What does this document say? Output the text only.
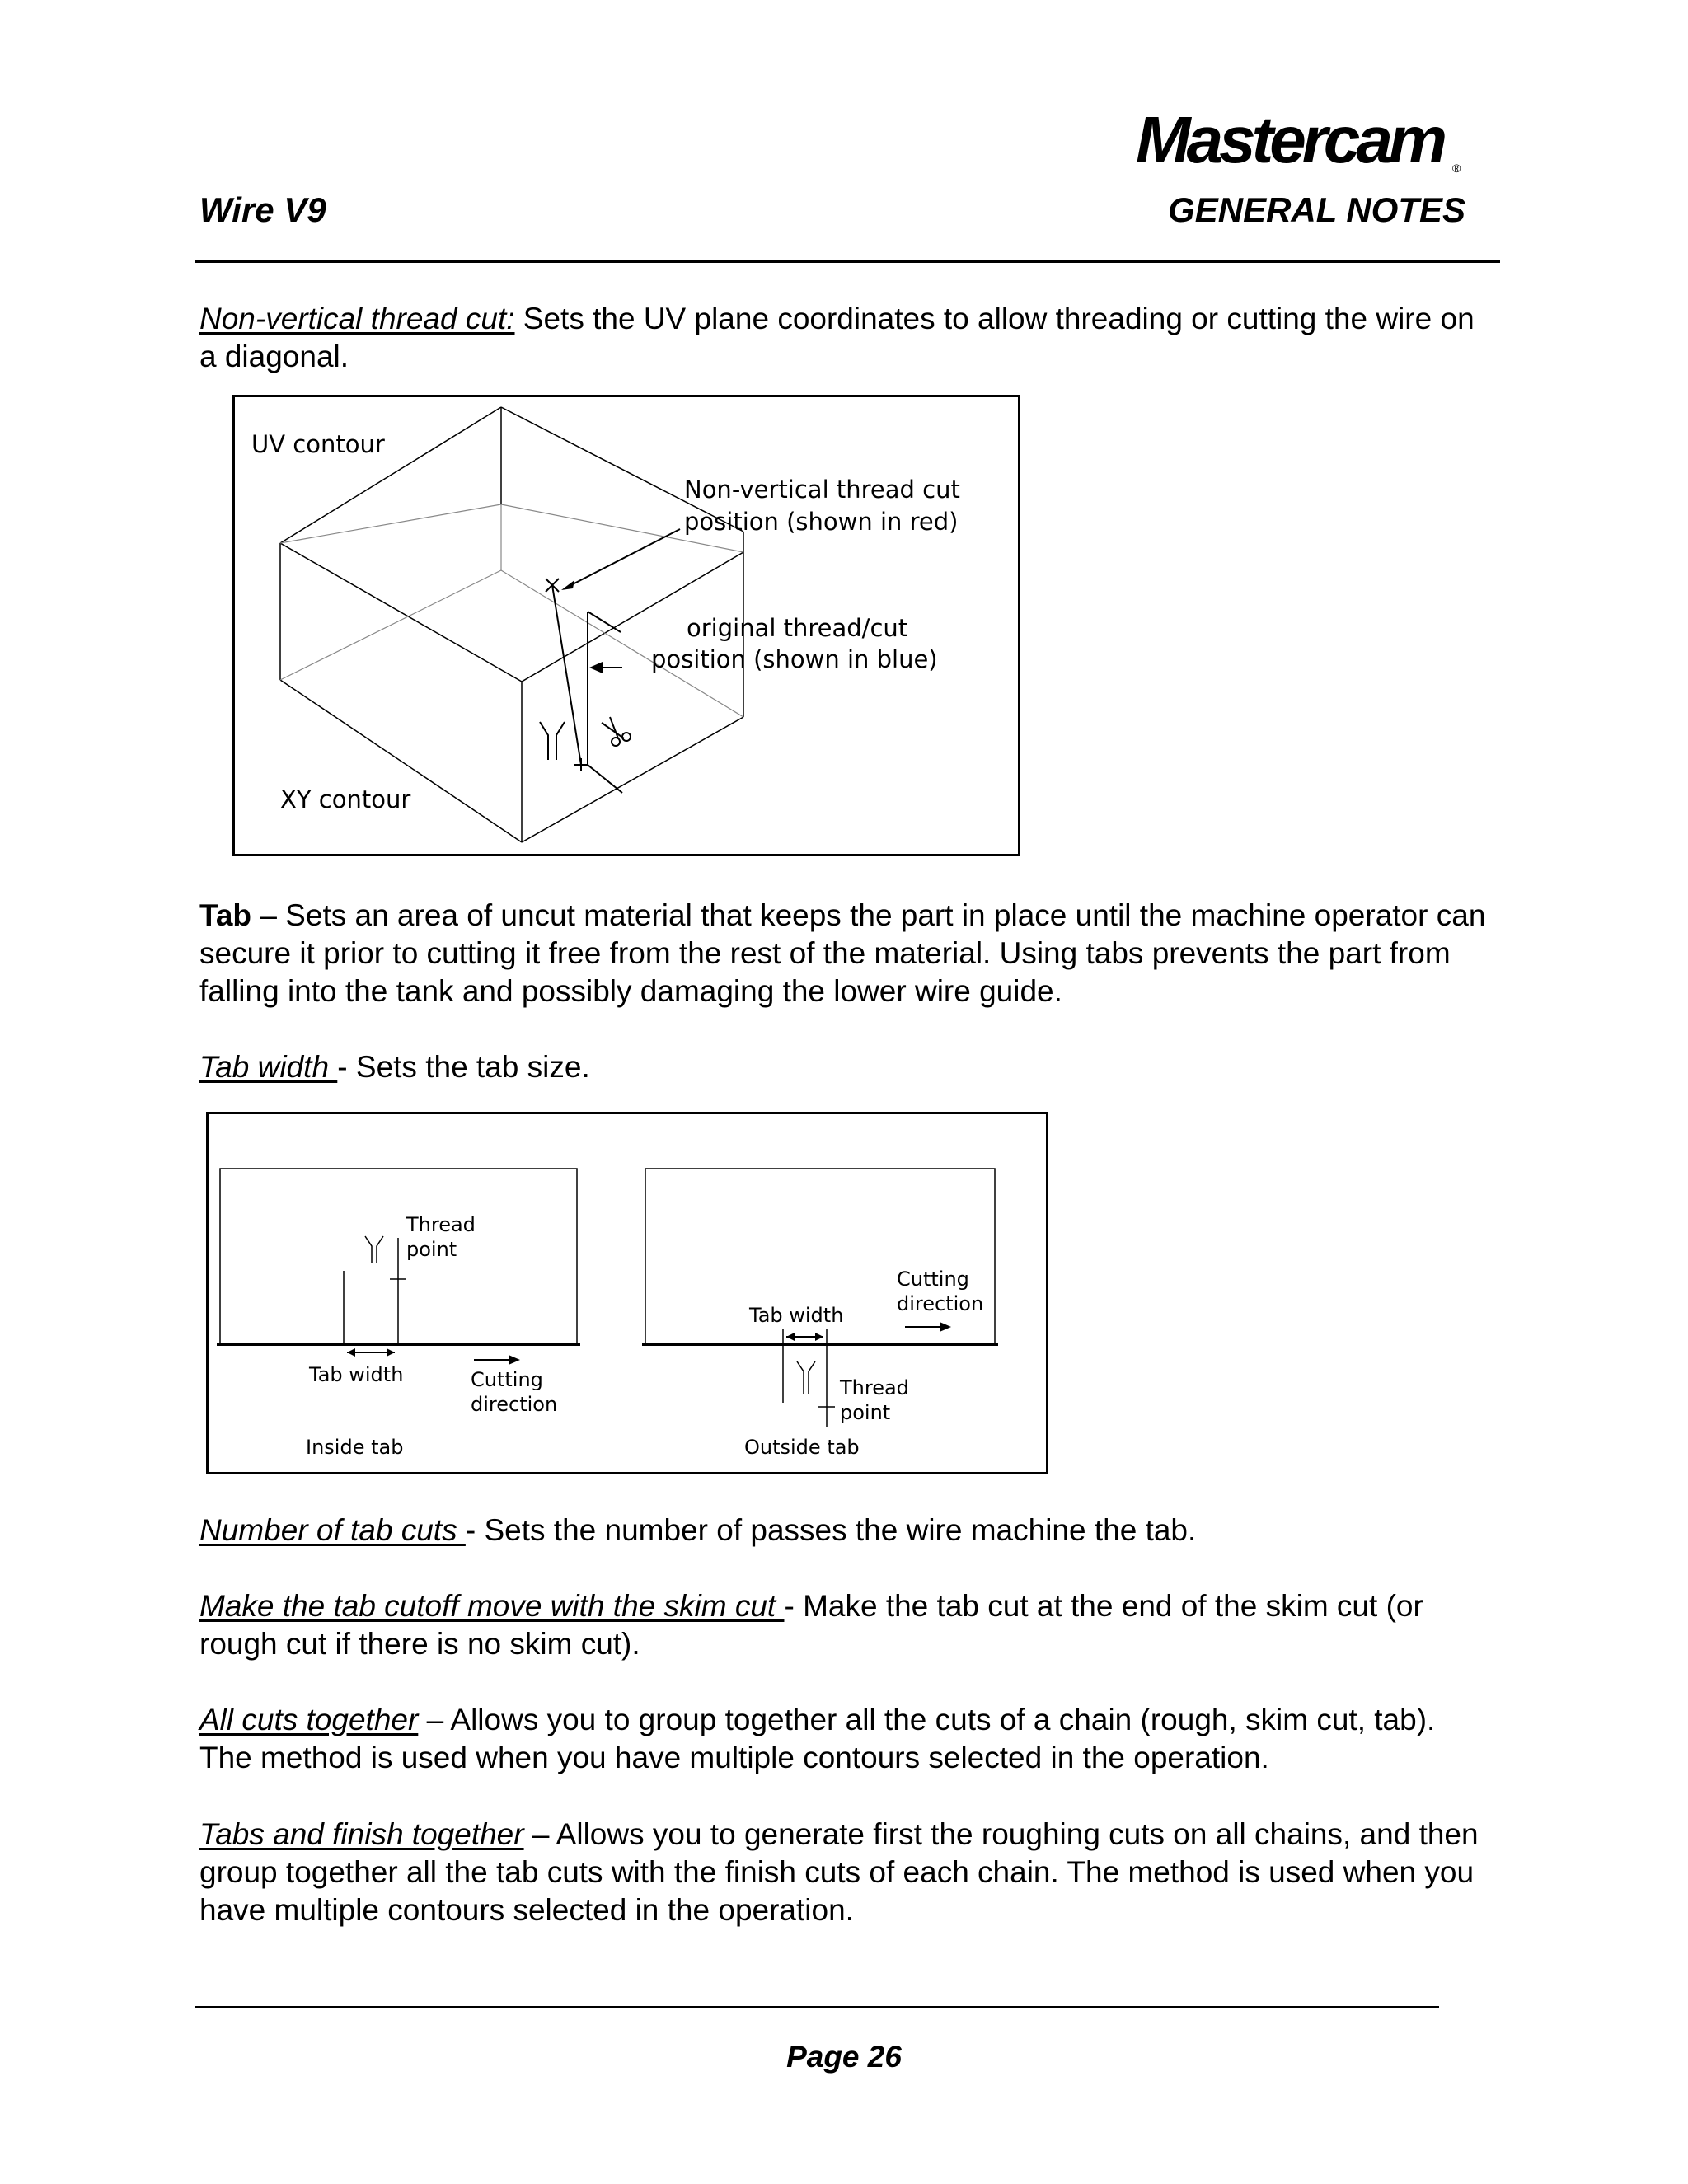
Mastercam ®
Wire V9	GENERAL NOTES
Non-vertical thread cut: Sets the UV plane coordinates to allow threading or cutting the wire on a diagonal.
UV contour
XY contour
Non-vertical thread cut
position (shown in red)
original thread/cut
position (shown in blue)
Tab – Sets an area of uncut material that keeps the part in place until the machine operator can secure it prior to cutting it free from the rest of the material. Using tabs prevents the part from falling into the tank and possibly damaging the lower wire guide.
Tab width - Sets the tab size.
Thread
point
Tab width	Cutting
direction
Inside tab
Tab width
Cutting
direction
Thread
point
Outside tab
Number of tab cuts - Sets the number of passes the wire machine the tab.
Make the tab cutoff move with the skim cut - Make the tab cut at the end of the skim cut (or rough cut if there is no skim cut).
All cuts together – Allows you to group together all the cuts of a chain (rough, skim cut, tab). The method is used when you have multiple contours selected in the operation.
Tabs and finish together – Allows you to generate first the roughing cuts on all chains, and then group together all the tab cuts with the finish cuts of each chain. The method is used when you have multiple contours selected in the operation.
Page 26
